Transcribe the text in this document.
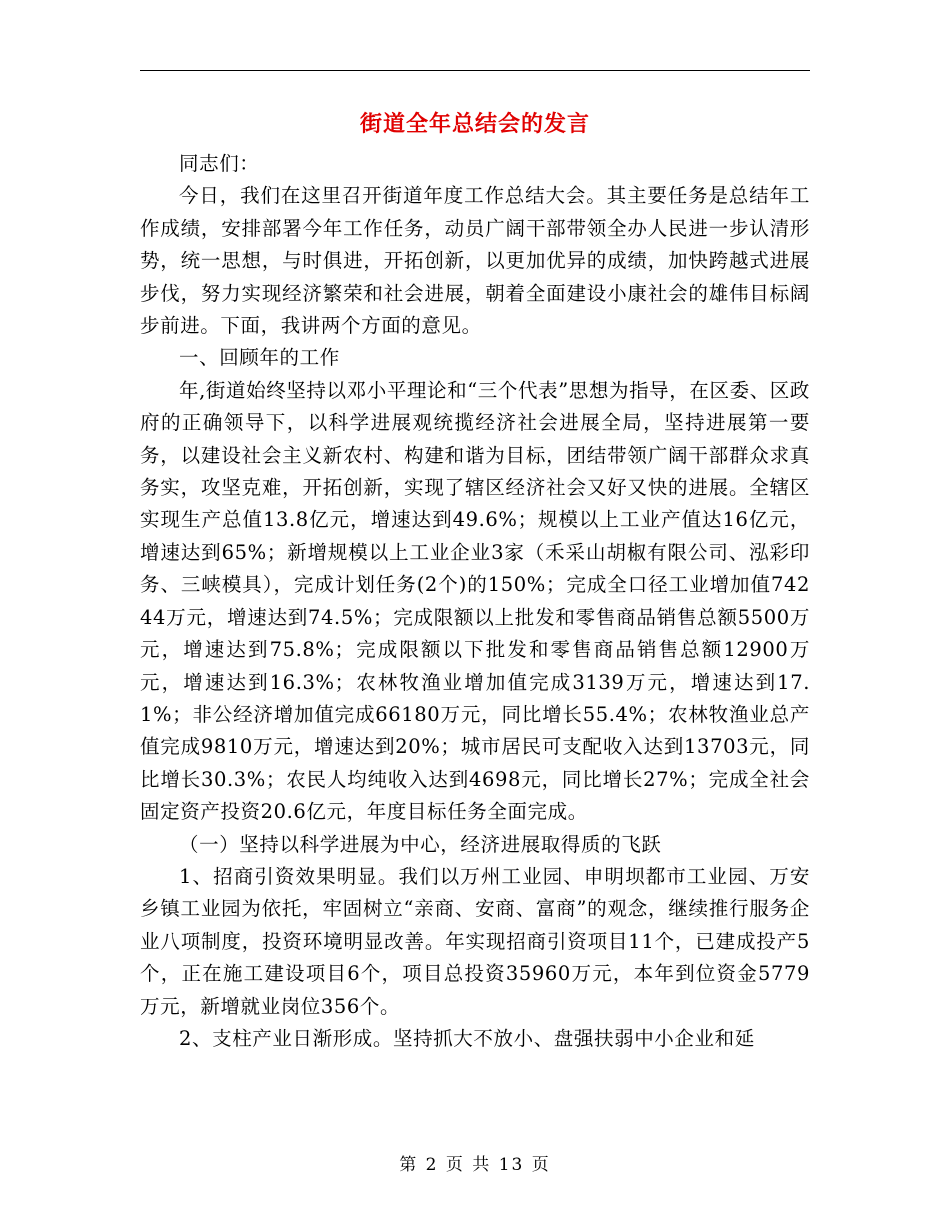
街道全年总结会的发言

同志们：

今日，我们在这里召开街道年度工作总结大会。其主要任务是总结年工作成绩，安排部署今年工作任务，动员广阔干部带领全办人民进一步认清形势，统一思想，与时俱进，开拓创新，以更加优异的成绩，加快跨越式进展步伐，努力实现经济繁荣和社会进展，朝着全面建设小康社会的雄伟目标阔步前进。下面，我讲两个方面的意见。

一、回顾年的工作

年,街道始终坚持以邓小平理论和“三个代表”思想为指导，在区委、区政府的正确领导下，以科学进展观统揽经济社会进展全局，坚持进展第一要务，以建设社会主义新农村、构建和谐为目标，团结带领广阔干部群众求真务实，攻坚克难，开拓创新，实现了辖区经济社会又好又快的进展。全辖区实现生产总值13.8亿元，增速达到49.6%；规模以上工业产值达16亿元，增速达到65%；新增规模以上工业企业3家（禾采山胡椒有限公司、泓彩印务、三峡模具），完成计划任务(2个)的150%；完成全口径工业增加值74244万元，增速达到74.5%；完成限额以上批发和零售商品销售总额5500万元，增速达到75.8%；完成限额以下批发和零售商品销售总额12900万元，增速达到16.3%；农林牧渔业增加值完成3139万元，增速达到17.1%；非公经济增加值完成66180万元，同比增长55.4%；农林牧渔业总产值完成9810万元，增速达到20%；城市居民可支配收入达到13703元，同比增长30.3%；农民人均纯收入达到4698元，同比增长27%；完成全社会固定资产投资20.6亿元，年度目标任务全面完成。

（一）坚持以科学进展为中心，经济进展取得质的飞跃

1、招商引资效果明显。我们以万州工业园、申明坝都市工业园、万安乡镇工业园为依托，牢固树立“亲商、安商、富商”的观念，继续推行服务企业八项制度，投资环境明显改善。年实现招商引资项目11个，已建成投产5个，正在施工建设项目6个，项目总投资35960万元，本年到位资金5779万元，新增就业岗位356个。

2、支柱产业日渐形成。坚持抓大不放小、盘强扶弱中小企业和延

第 2 页 共 13 页
